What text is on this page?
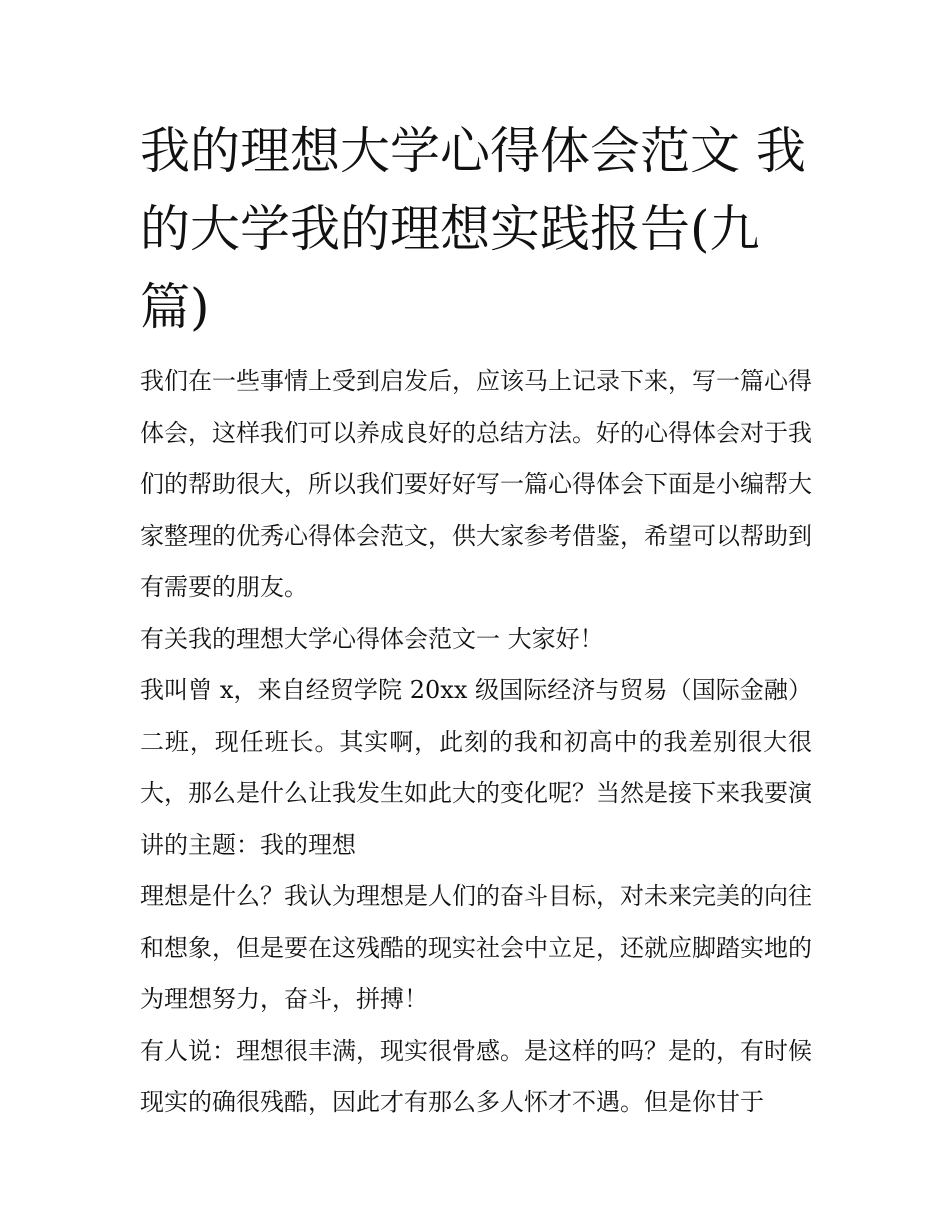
我的理想大学心得体会范文 我的大学我的理想实践报告(九篇)

我们在一些事情上受到启发后，应该马上记录下来，写一篇心得体会，这样我们可以养成良好的总结方法。好的心得体会对于我们的帮助很大，所以我们要好好写一篇心得体会下面是小编帮大家整理的优秀心得体会范文，供大家参考借鉴，希望可以帮助到有需要的朋友。

有关我的理想大学心得体会范文一 大家好！

我叫曾 x，来自经贸学院 20xx 级国际经济与贸易（国际金融）二班，现任班长。其实啊，此刻的我和初高中的我差别很大很大，那么是什么让我发生如此大的变化呢？当然是接下来我要演讲的主题：我的理想

理想是什么？我认为理想是人们的奋斗目标，对未来完美的向往和想象，但是要在这残酷的现实社会中立足，还就应脚踏实地的为理想努力，奋斗，拼搏！

有人说：理想很丰满，现实很骨感。是这样的吗？是的，有时候现实的确很残酷，因此才有那么多人怀才不遇。但是你甘于
